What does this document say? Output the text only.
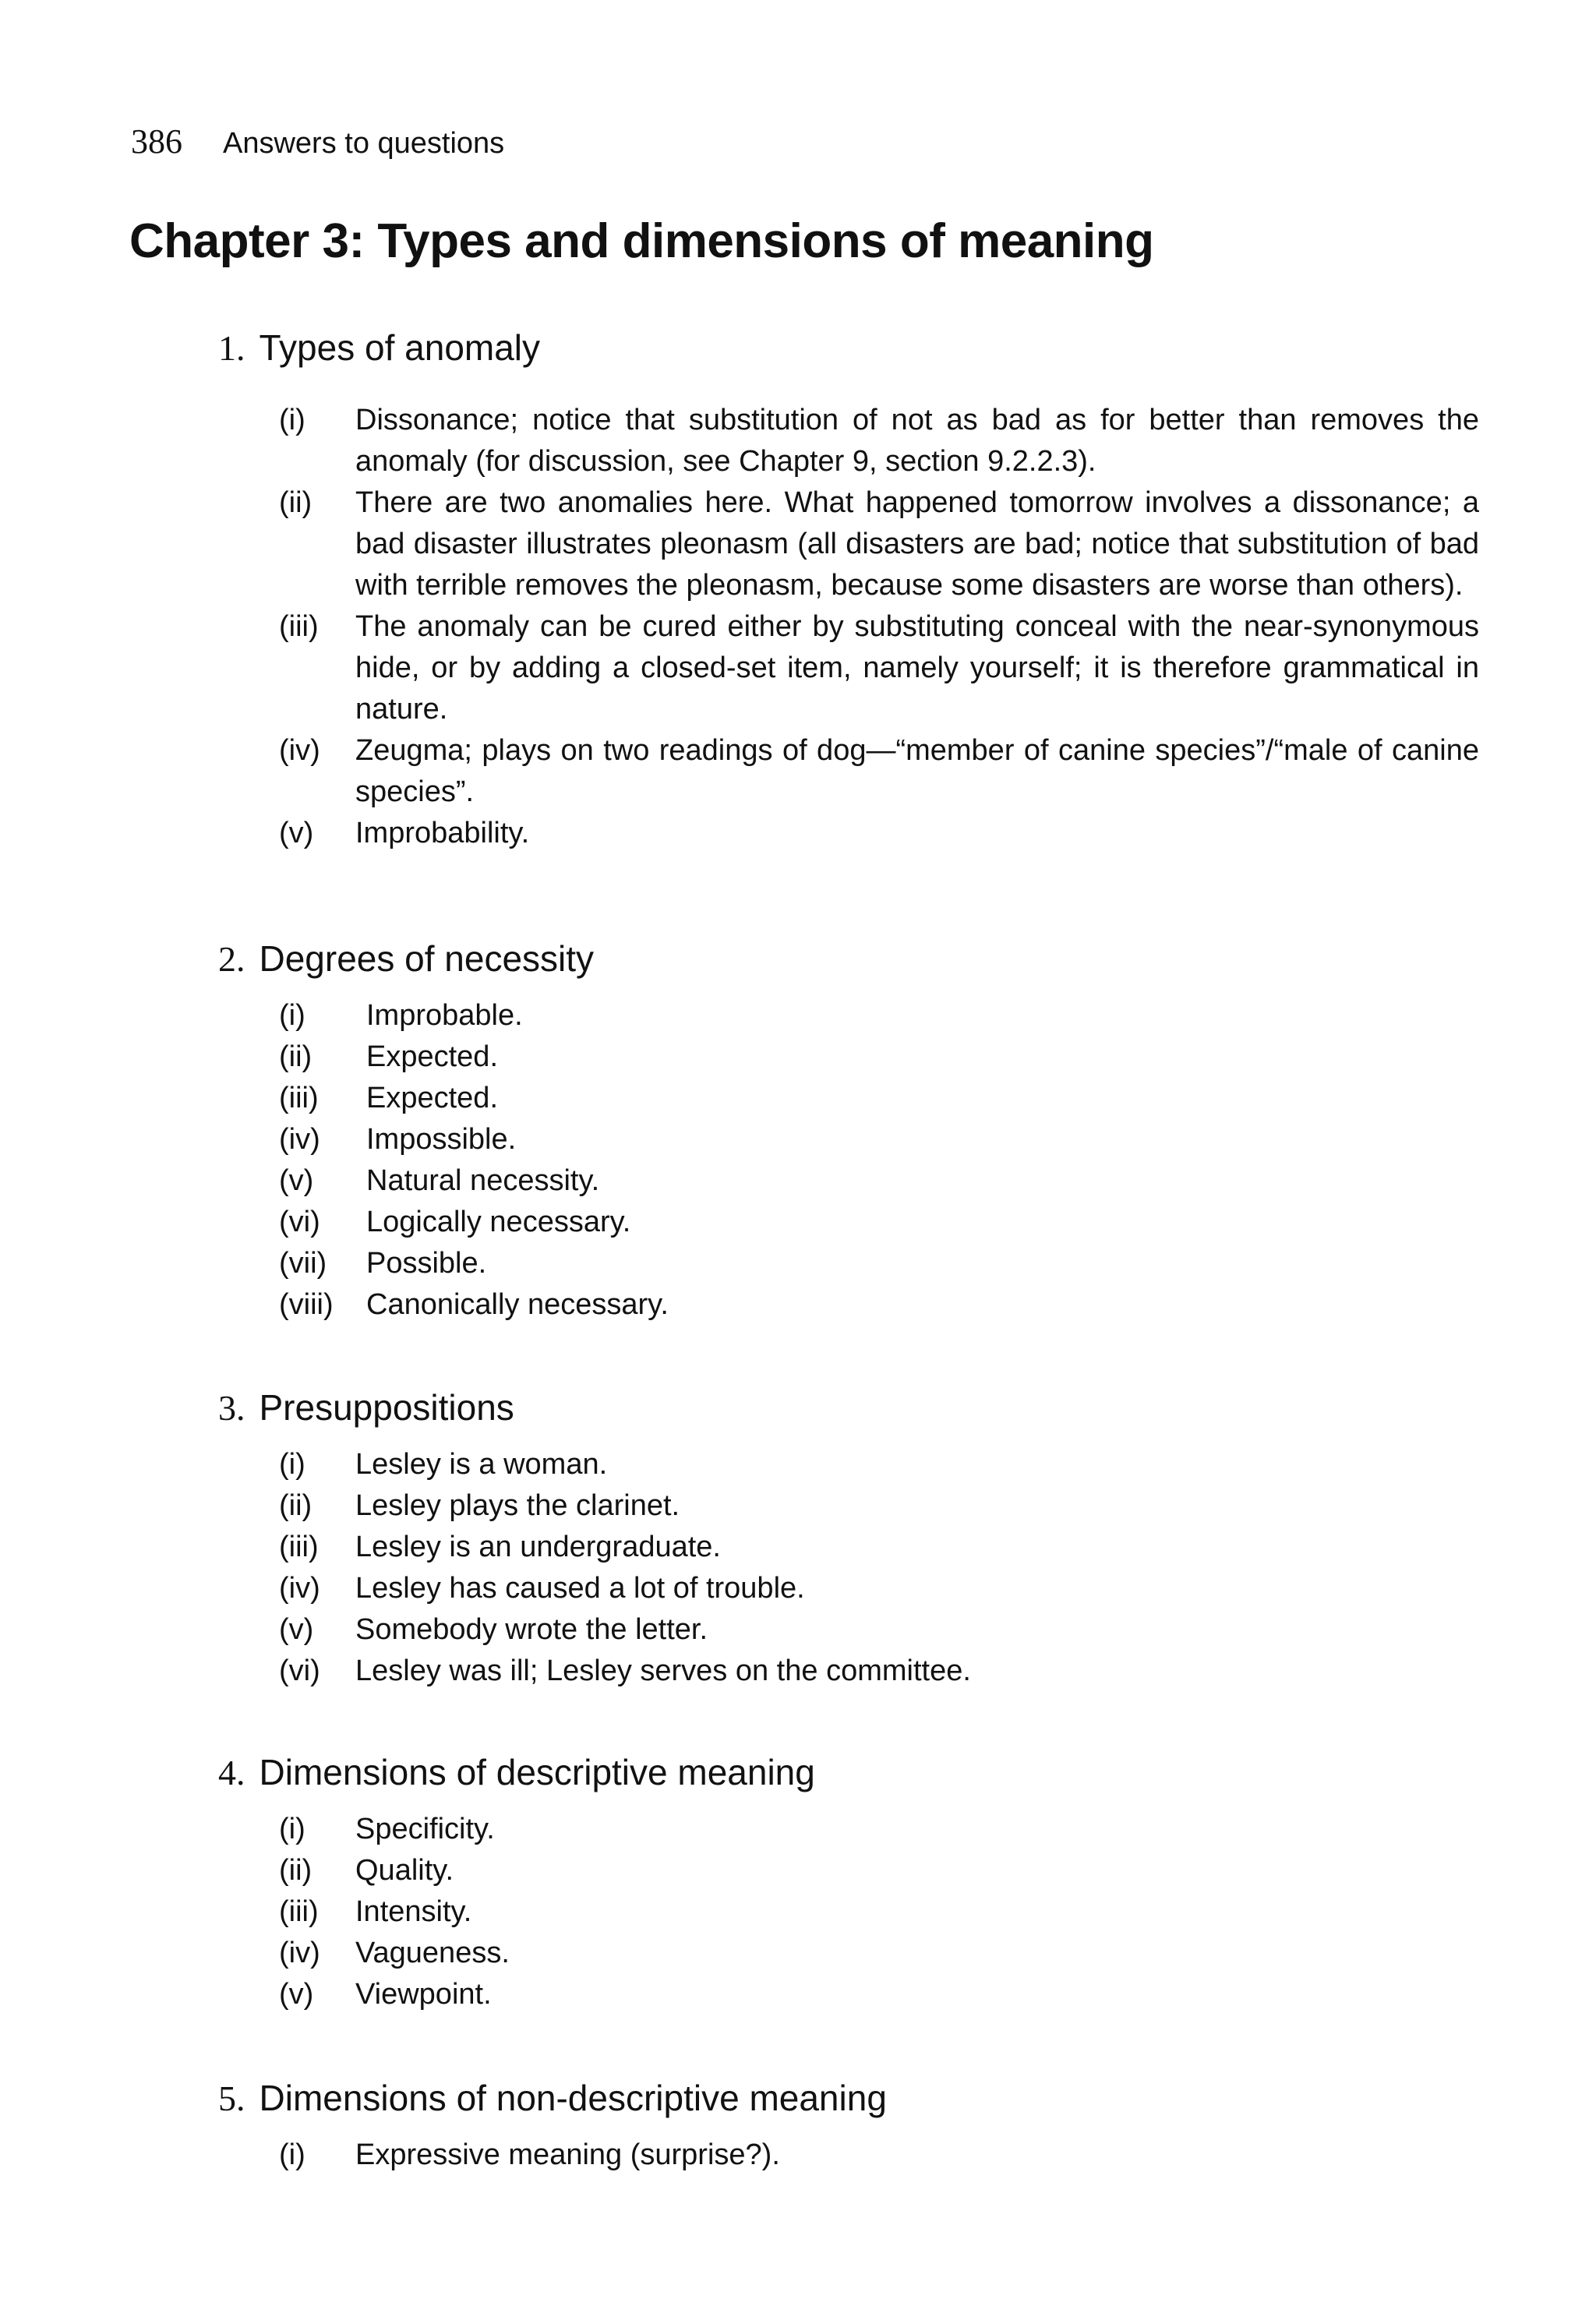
386 Answers to questions
Chapter 3: Types and dimensions of meaning
1. Types of anomaly
(i) Dissonance; notice that substitution of not as bad as for better than removes the anomaly (for discussion, see Chapter 9, section 9.2.2.3).
(ii) There are two anomalies here. What happened tomorrow involves a dissonance; a bad disaster illustrates pleonasm (all disasters are bad; notice that substitution of bad with terrible removes the pleonasm, because some disasters are worse than others).
(iii) The anomaly can be cured either by substituting conceal with the near-synonymous hide, or by adding a closed-set item, namely yourself; it is therefore grammatical in nature.
(iv) Zeugma; plays on two readings of dog—“member of canine species”/“male of canine species”.
(v) Improbability.
2. Degrees of necessity
(i) Improbable.
(ii) Expected.
(iii) Expected.
(iv) Impossible.
(v) Natural necessity.
(vi) Logically necessary.
(vii) Possible.
(viii) Canonically necessary.
3. Presuppositions
(i) Lesley is a woman.
(ii) Lesley plays the clarinet.
(iii) Lesley is an undergraduate.
(iv) Lesley has caused a lot of trouble.
(v) Somebody wrote the letter.
(vi) Lesley was ill; Lesley serves on the committee.
4. Dimensions of descriptive meaning
(i) Specificity.
(ii) Quality.
(iii) Intensity.
(iv) Vagueness.
(v) Viewpoint.
5. Dimensions of non-descriptive meaning
(i) Expressive meaning (surprise?).
